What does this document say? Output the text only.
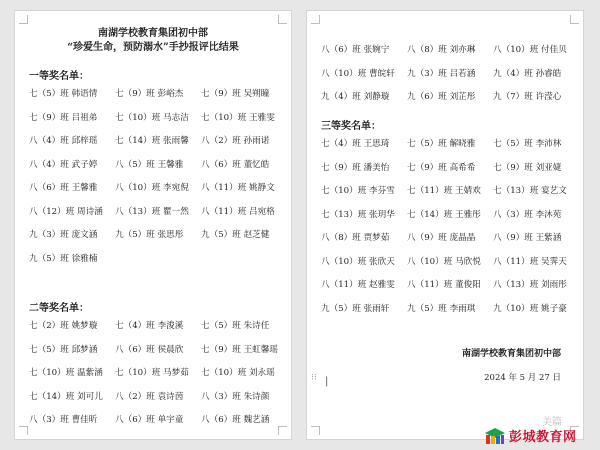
南湖学校教育集团初中部
“珍爱生命，预防溺水”手抄报评比结果
一等奖名单：
七（5）班 韩语情	七（9）班 彭峪杰	七（9）班 吴朔瞳
七（9）班 吕祖弟	七（10）班 马志洁	七（10）班 王雅雯
八（4）班 邱梓瑶	七（14）班 张雨馨	八（2）班 孙雨诺
八（4）班 武子婷	八（5）班 王馨雅	八（6）班 董忆皓
八（6）班 王馨雅	八（10）班 李宛倪	八（11）班 姚静文
八（12）班 周诗涵	八（13）班 瞿一然	八（11）班 吕宛格
九（3）班 庞文涵	九（5）班 张思彤	九（5）班 赵芝健
九（5）班 徐雅楠
二等奖名单：
七（2）班 姚梦璇	七（4）班 李浚溪	七（5）班 朱诗任
七（5）班 邱梦涵	八（6）班 侯晨欣	七（9）班 王虹馨瑶
七（10）班 温紫涵	七（10）班 马梦茹	七（10）班 刘永瑶
七（14）班 刘可儿	八（2）班 袁诗茵	八（3）班 朱诗颜
八（3）班 曹佳昕	八（6）班 单宇童	八（6）班 魏艺涵
八（6）班 张婉宁	八（8）班 刘亦琳	八（10）班 付佳贝
八（10）班 曹皖轩	九（3）班 吕若涵	九（4）班 孙睿皓
九（4）班 刘静璇	九（6）班 刘芷彤	九（7）班 许滢心
三等奖名单：
七（4）班 王思琦	七（5）班 解晓雅	七（5）班 李沛林
七（9）班 潘美怡	七（9）班 高希希	七（9）班 刘亚婕
七（10）班 李芬雪	七（11）班 王婧欢	七（13）班 宴艺文
七（13）班 张玥华	七（14）班 王雅彤	八（3）班 李沐苑
八（8）班 贾梦茹	八（9）班 庞晶晶	八（9）班 王紫涵
八（10）班 张欣天	八（10）班 马欣悦	八（11）班 吴霁天
八（11）班 赵雅雯	八（11）班 董俊阳	八（13）班 刘雨彤
九（5）班 张雨轩	九（5）班 李雨琪	九（10）班 姚子豪
南湖学校教育集团初中部
2024 年 5 月 27 日
⁝⁝ |
美篇
彭城教育网
